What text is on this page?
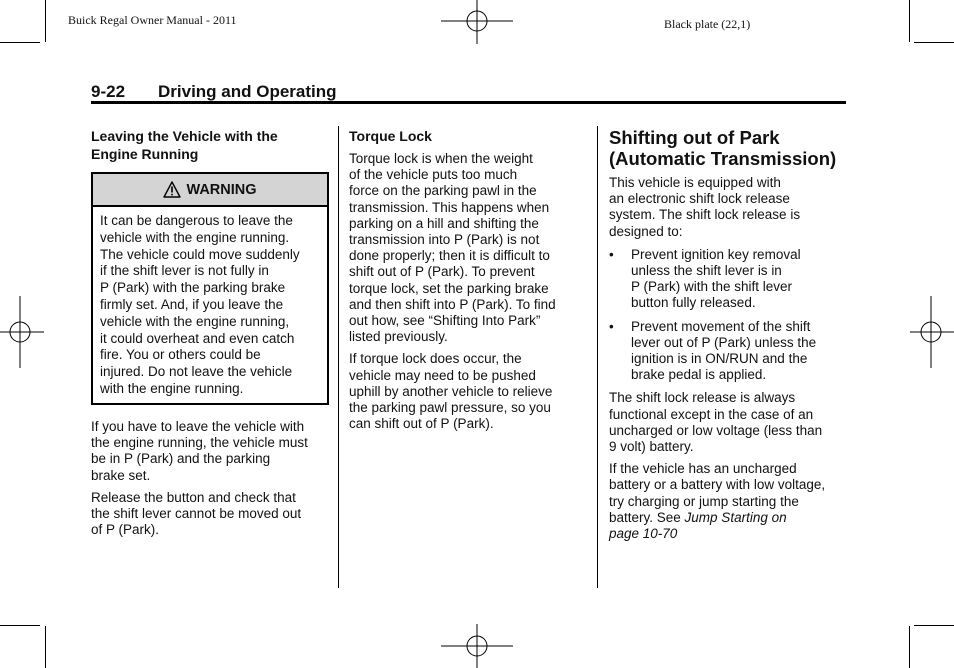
Buick Regal Owner Manual - 2011	Black plate (22,1)
9-22 Driving and Operating

Leaving the Vehicle with the
Engine Running

WARNING
It can be dangerous to leave the
vehicle with the engine running.
The vehicle could move suddenly
if the shift lever is not fully in
P (Park) with the parking brake
firmly set. And, if you leave the
vehicle with the engine running,
it could overheat and even catch
fire. You or others could be
injured. Do not leave the vehicle
with the engine running.

If you have to leave the vehicle with
the engine running, the vehicle must
be in P (Park) and the parking
brake set.

Release the button and check that
the shift lever cannot be moved out
of P (Park).

Torque Lock

Torque lock is when the weight
of the vehicle puts too much
force on the parking pawl in the
transmission. This happens when
parking on a hill and shifting the
transmission into P (Park) is not
done properly; then it is difficult to
shift out of P (Park). To prevent
torque lock, set the parking brake
and then shift into P (Park). To find
out how, see “Shifting Into Park”
listed previously.

If torque lock does occur, the
vehicle may need to be pushed
uphill by another vehicle to relieve
the parking pawl pressure, so you
can shift out of P (Park).

Shifting out of Park
(Automatic Transmission)

This vehicle is equipped with
an electronic shift lock release
system. The shift lock release is
designed to:

• Prevent ignition key removal
unless the shift lever is in
P (Park) with the shift lever
button fully released.
• Prevent movement of the shift
lever out of P (Park) unless the
ignition is in ON/RUN and the
brake pedal is applied.

The shift lock release is always
functional except in the case of an
uncharged or low voltage (less than
9 volt) battery.

If the vehicle has an uncharged
battery or a battery with low voltage,
try charging or jump starting the
battery. See Jump Starting on
page 10-70
